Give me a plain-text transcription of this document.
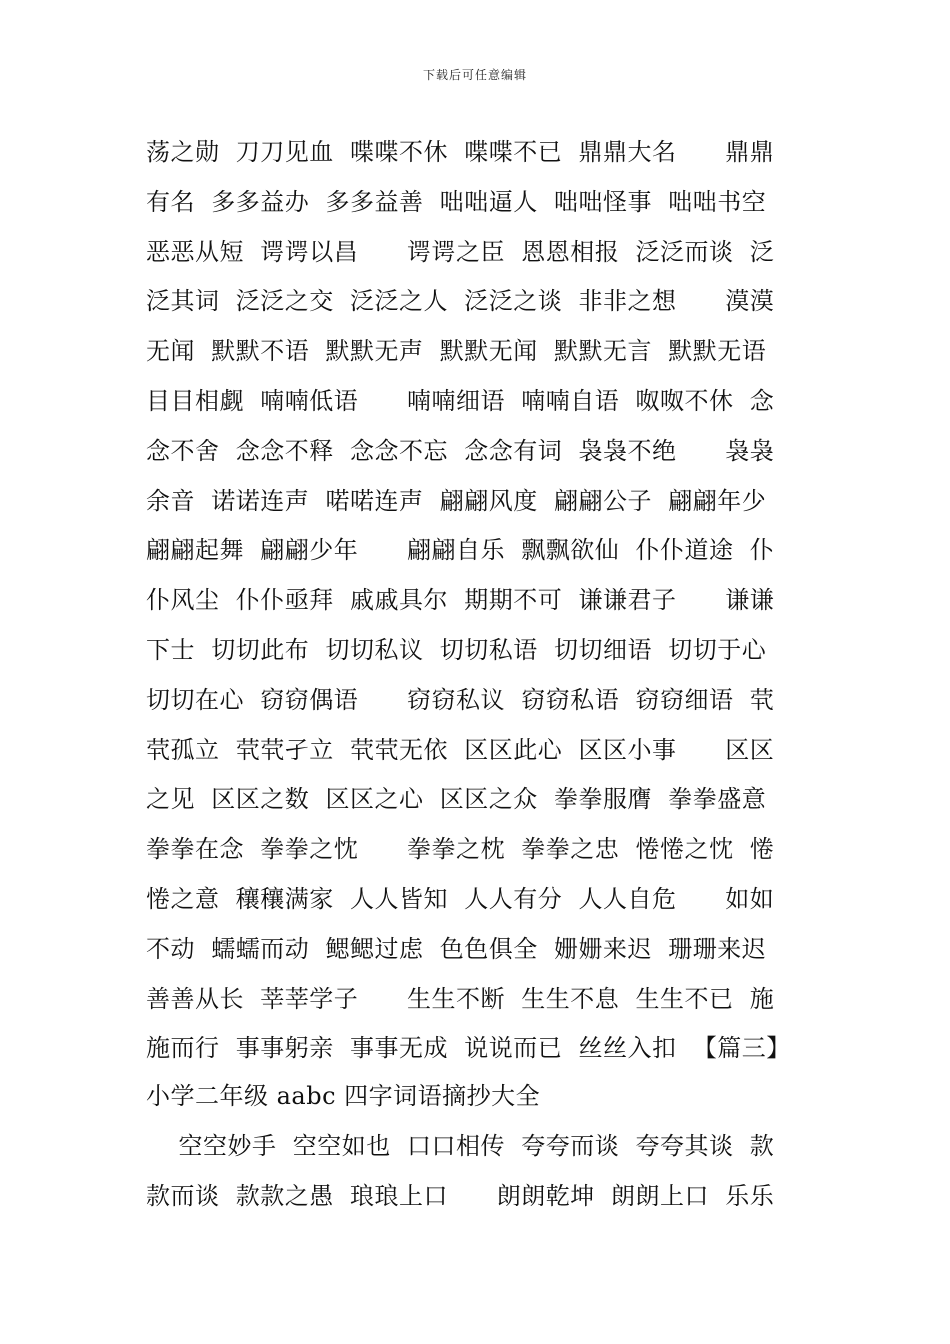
下载后可任意编辑
荡之勋  刀刀见血  喋喋不休  喋喋不已  鼎鼎大名      鼎鼎
有名  多多益办  多多益善  咄咄逼人  咄咄怪事  咄咄书空
恶恶从短  谔谔以昌      谔谔之臣  恩恩相报  泛泛而谈  泛
泛其词  泛泛之交  泛泛之人  泛泛之谈  非非之想      漠漠
无闻  默默不语  默默无声  默默无闻  默默无言  默默无语
目目相觑  喃喃低语      喃喃细语  喃喃自语  呶呶不休  念
念不舍  念念不释  念念不忘  念念有词  袅袅不绝      袅袅
余音  诺诺连声  喏喏连声  翩翩风度  翩翩公子  翩翩年少
翩翩起舞  翩翩少年      翩翩自乐  飘飘欲仙  仆仆道途  仆
仆风尘  仆仆亟拜  戚戚具尔  期期不可  谦谦君子      谦谦
下士  切切此布  切切私议  切切私语  切切细语  切切于心
切切在心  窃窃偶语      窃窃私议  窃窃私语  窃窃细语  茕
茕孤立  茕茕孑立  茕茕无依  区区此心  区区小事      区区
之见  区区之数  区区之心  区区之众  拳拳服膺  拳拳盛意
拳拳在念  拳拳之忱      拳拳之枕  拳拳之忠  惓惓之忱  惓
惓之意  穰穰满家  人人皆知  人人有分  人人自危      如如
不动  蠕蠕而动  鳃鳃过虑  色色俱全  姗姗来迟  珊珊来迟
善善从长  莘莘学子      生生不断  生生不息  生生不已  施
施而行  事事躬亲  事事无成  说说而已  丝丝入扣  【篇三】
小学二年级 aabc 四字词语摘抄大全
空空妙手  空空如也  口口相传  夸夸而谈  夸夸其谈  款
款而谈  款款之愚  琅琅上口      朗朗乾坤  朗朗上口  乐乐
